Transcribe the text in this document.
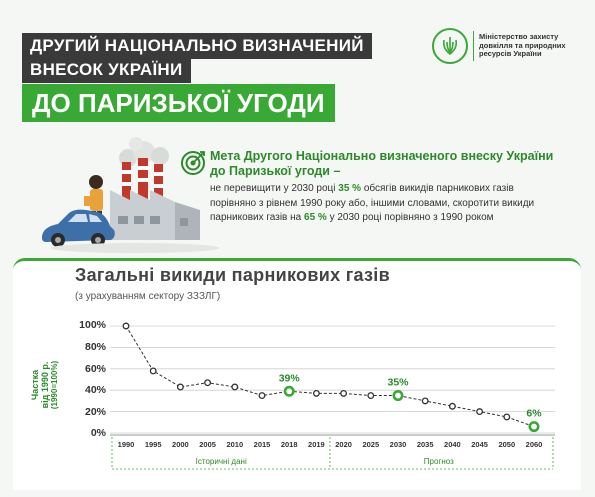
ДРУГИЙ НАЦІОНАЛЬНО ВИЗНАЧЕНИЙ
ВНЕСОК УКРАЇНИ
ДО ПАРИЗЬКОЇ УГОДИ
Міністерство захисту довкілля та природних ресурсів України
Мета Другого Національно визначеного внеску України до Паризької угоди –
не перевищити у 2030 році 35 % обсягів викидів парникових газів порівняно з рівнем 1990 року або, іншими словами, скоротити викиди парникових газів на 65 % у 2030 році порівняно з 1990 роком
Загальні викиди парникових газів
(з урахуванням сектору ЗЗЗЛГ)
100%
80%
60%
40%
20%
0%
Частка від 1990 р. (1990=100%)	39%	35%
6%
1990 1995 2000 2005 2010 2015 2018 2019 2020 2025 2030 2035 2040 2045 2050 2060
Історичні дані	Прогноз
